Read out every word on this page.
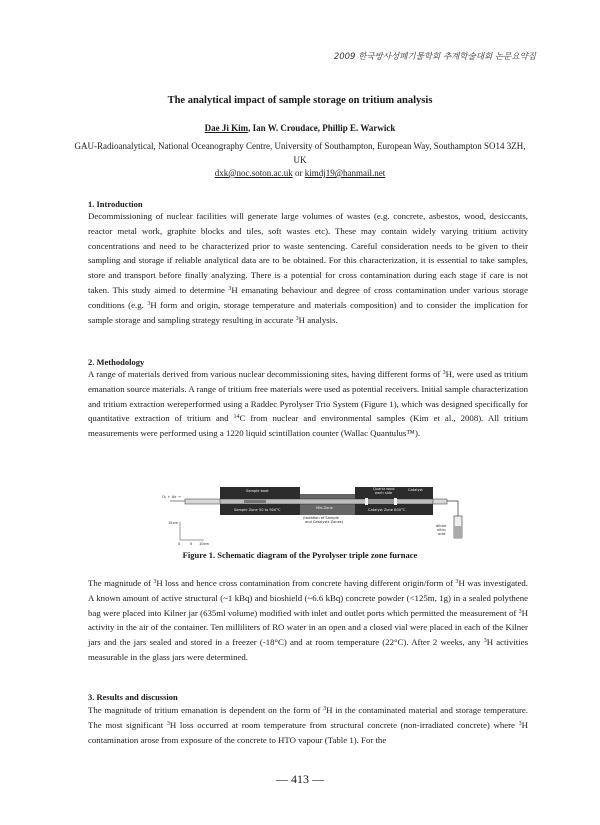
2009 한국방사성폐기물학회 추계학술대회 논문요약집
The analytical impact of sample storage on tritium analysis
Dae Ji Kim, Ian W. Croudace, Phillip E. Warwick
GAU-Radioanalytical, National Oceanography Centre, University of Southampton, European Way, Southampton SO14 3ZH, UK
dxk@noc.soton.ac.uk or kimdj19@hanmail.net
1. Introduction

Decommissioning of nuclear facilities will generate large volumes of wastes (e.g. concrete, asbestos, wood, desiccants, reactor metal work, graphite blocks and tiles, soft wastes etc). These may contain widely varying tritium activity concentrations and need to be characterized prior to waste sentencing. Careful consideration needs to be given to their sampling and storage if reliable analytical data are to be obtained. For this characterization, it is essential to take samples, store and transport before finally analyzing. There is a potential for cross contamination during each stage if care is not taken. This study aimed to determine $^3$H emanating behaviour and degree of cross contamination under various storage conditions (e.g. $^3$H form and origin, storage temperature and materials composition) and to consider the implication for sample storage and sampling strategy resulting in accurate $^3$H analysis.

2. Methodology

A range of materials derived from various nuclear decommissioning sites, having different forms of $^3$H, were used as tritium emanation source materials. A range of tritium free materials were used as potential receivers. Initial sample characterization and tritium extraction wereperformed using a Raddec Pyrolyser Trio System (Figure 1), which was designed specifically for quantitative extraction of tritium and $^{14}$C from nuclear and environmental samples (Kim et al., 2008). All tritium measurements were performed using a 1220 liquid scintillation counter (Wallac Quantulus™).

Sample boat	Quartz wool
each side
Catalyst
Sample Zone 50 to 900°C	Mid-Zone
(Isolation of Sample
and Catalysts Zones)
Catalyst Zone 800°C
O₂ + Air →
15cm
0	5 10cm
dilute
nitric
acid
Figure 1. Schematic diagram of the Pyrolyser triple zone furnace

The magnitude of $^3$H loss and hence cross contamination from concrete having different origin/form of $^3$H was investigated. A known amount of active structural (~1 kBq) and bioshield (~6.6 kBq) concrete powder (<125m, 1g) in a sealed polythene bag were placed into Kilner jar (635ml volume) modified with inlet and outlet ports which permitted the measurement of $^3$H activity in the air of the container. Ten milliliters of RO water in an open and a closed vial were placed in each of the Kilner jars and the jars sealed and stored in a freezer (-18°C) and at room temperature (22°C). After 2 weeks, any $^3$H activities measurable in the glass jars were determined.

3. Results and discussion

The magnitude of tritium emanation is dependent on the form of $^3$H in the contaminated material and storage temperature. The most significant $^3$H loss occurred at room temperature from structural concrete (non-irradiated concrete) where $^3$H contamination arose from exposure of the concrete to HTO vapour (Table 1). For the

— 413 —
